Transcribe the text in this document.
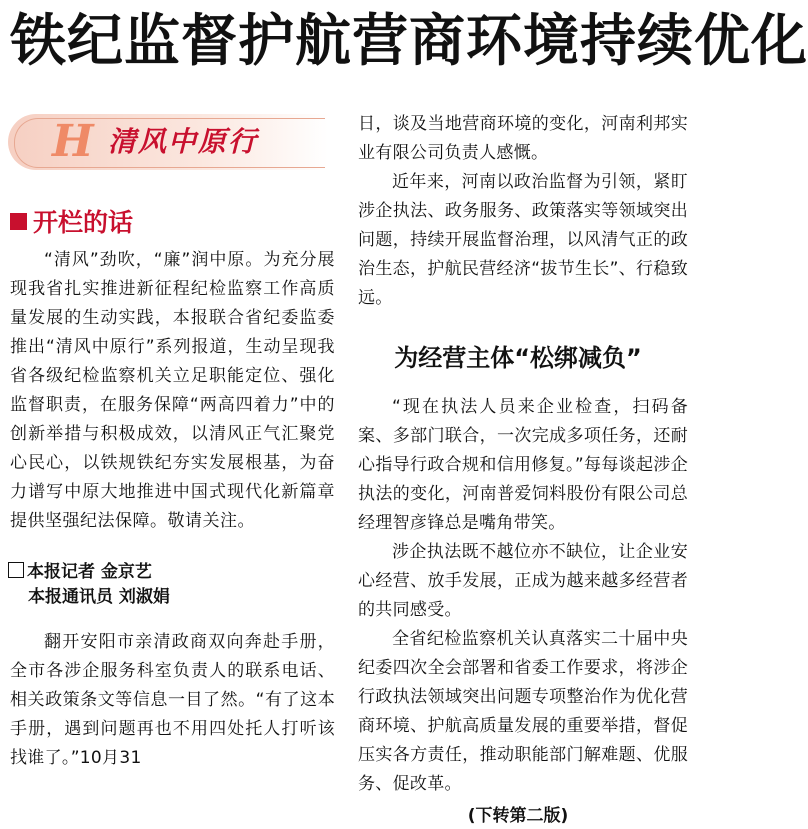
铁纪监督护航营商环境持续优化
H 清风中原行
开栏的话
“清风”劲吹，“廉”润中原。为充分展现我省扎实推进新征程纪检监察工作高质量发展的生动实践，本报联合省纪委监委推出“清风中原行”系列报道，生动呈现我省各级纪检监察机关立足职能定位、强化监督职责，在服务保障“两高四着力”中的创新举措与积极成效，以清风正气汇聚党心民心，以铁规铁纪夯实发展根基，为奋力谱写中原大地推进中国式现代化新篇章提供坚强纪法保障。敬请关注。
本报记者 金京艺
本报通讯员 刘淑娟

翻开安阳市亲清政商双向奔赴手册，全市各涉企服务科室负责人的联系电话、相关政策条文等信息一目了然。“有了这本手册，遇到问题再也不用四处托人打听该找谁了。”10月31

日，谈及当地营商环境的变化，河南利邦实业有限公司负责人感慨。

近年来，河南以政治监督为引领，紧盯涉企执法、政务服务、政策落实等领域突出问题，持续开展监督治理，以风清气正的政治生态，护航民营经济“拔节生长”、行稳致远。

为经营主体“松绑减负”

“现在执法人员来企业检查，扫码备案、多部门联合，一次完成多项任务，还耐心指导行政合规和信用修复。”每每谈起涉企执法的变化，河南普爱饲料股份有限公司总经理智彦锋总是嘴角带笑。

涉企执法既不越位亦不缺位，让企业安心经营、放手发展，正成为越来越多经营者的共同感受。

全省纪检监察机关认真落实二十届中央纪委四次全会部署和省委工作要求，将涉企行政执法领域突出问题专项整治作为优化营商环境、护航高质量发展的重要举措，督促压实各方责任，推动职能部门解难题、优服务、促改革。

(下转第二版)
